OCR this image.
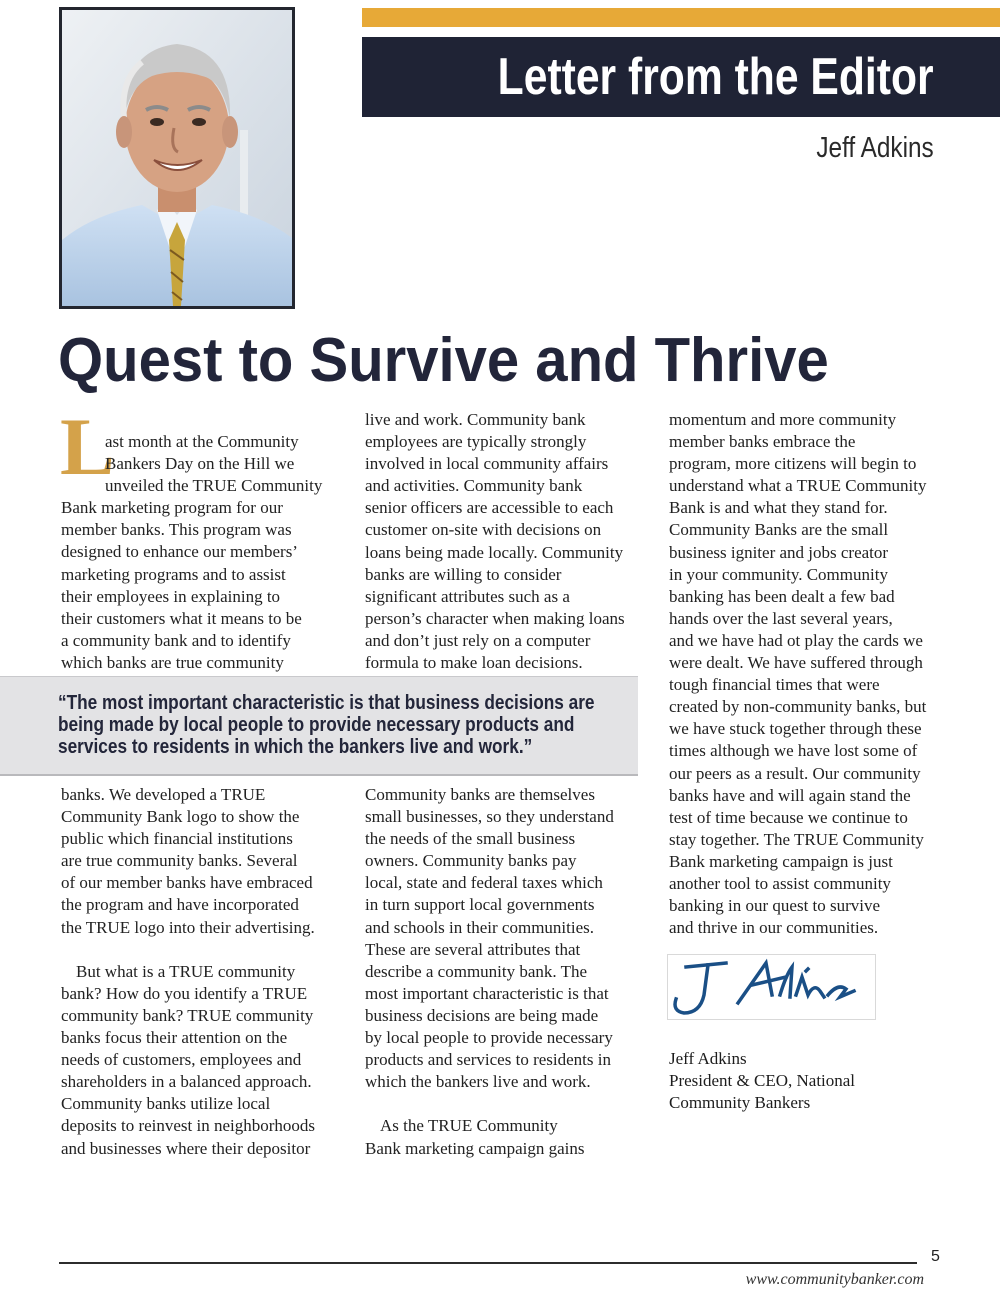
Letter from the Editor
Jeff Adkins
Quest to Survive and Thrive
L
ast month at the Community
Bankers Day on the Hill we
unveiled the TRUE Community
Bank marketing program for our
member banks. This program was
designed to enhance our members’
marketing programs and to assist
their employees in explaining to
their customers what it means to be
a community bank and to identify
which banks are true community
live and work. Community bank
employees are typically strongly
involved in local community affairs
and activities. Community bank
senior officers are accessible to each
customer on-site with decisions on
loans being made locally. Community
banks are willing to consider
significant attributes such as a
person’s character when making loans
and don’t just rely on a computer
formula to make loan decisions.

“The most important characteristic is that business decisions are
being made by local people to provide necessary products and
services to residents in which the bankers live and work.”

banks. We developed a TRUE
Community Bank logo to show the
public which financial institutions
are true community banks. Several
of our member banks have embraced
the program and have incorporated
the TRUE logo into their advertising.
But what is a TRUE community
bank? How do you identify a TRUE
community bank? TRUE community
banks focus their attention on the
needs of customers, employees and
shareholders in a balanced approach.
Community banks utilize local
deposits to reinvest in neighborhoods
and businesses where their depositor
Community banks are themselves
small businesses, so they understand
the needs of the small business
owners. Community banks pay
local, state and federal taxes which
in turn support local governments
and schools in their communities.
These are several attributes that
describe a community bank. The
most important characteristic is that
business decisions are being made
by local people to provide necessary
products and services to residents in
which the bankers live and work.
As the TRUE Community
Bank marketing campaign gains
momentum and more community
member banks embrace the
program, more citizens will begin to
understand what a TRUE Community
Bank is and what they stand for.
Community Banks are the small
business igniter and jobs creator
in your community. Community
banking has been dealt a few bad
hands over the last several years,
and we have had ot play the cards we
were dealt. We have suffered through
tough financial times that were
created by non-community banks, but
we have stuck together through these
times although we have lost some of
our peers as a result. Our community
banks have and will again stand the
test of time because we continue to
stay together. The TRUE Community
Bank marketing campaign is just
another tool to assist community
banking in our quest to survive
and thrive in our communities.
Jeff Adkins
President & CEO, National
Community Bankers
5
www.communitybanker.com
